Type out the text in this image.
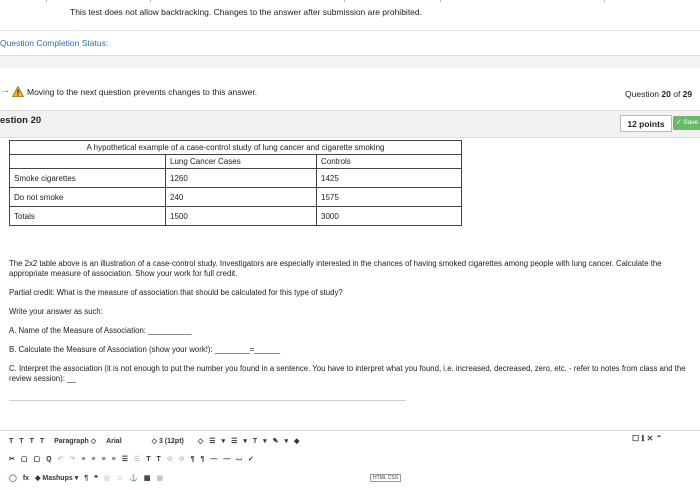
This test does not allow backtracking. Changes to the answer after submission are prohibited.
Question Completion Status:
→ Moving to the next question prevents changes to this answer.	Question 20 of 29
estion 20	12 points	✓ Save
A hypothetical example of a case-control study of lung cancer and cigarette smoking		
	Lung Cancer Cases	Controls
Smoke cigarettes	1260	1425
Do not smoke	240	1575
Totals	1500	3000
The 2x2 table above is an illustration of a case-control study. Investigators are especially interested in the chances of having smoked cigarettes among people with lung cancer. Calculate the appropriate measure of association. Show your work for full credit.
Partial credit: What is the measure of association that should be calculated for this type of study?
Write your answer as such:
A. Name of the Measure of Association: __________
B. Calculate the Measure of Association (show your work!): ________=______
C. Interpret the association (it is not enough to put the number you found in a sentence. You have to interpret what you found, i.e. increased, decreased, zero, etc. - refer to notes from class and the review session): __
T T T T Paragraph ◇ Arial	◇ 3 (12pt) ◇ ☰ ▾ ☰ ▾ T ▾ ✎ ▾ ◆
✂ ▢ ▢ Q ↶ ↷ ≡ ≡ ≡ ≡ ☰ ☰ T T ⊘ ⊘ ¶ ¶ — — ⌴ ✓
◯ fx ◆ Mashups ▾ ¶ ❝ ◎ ☺ ⚓ ▦ ▦	HTML CSS
☐ ℹ ✕ ⌃
